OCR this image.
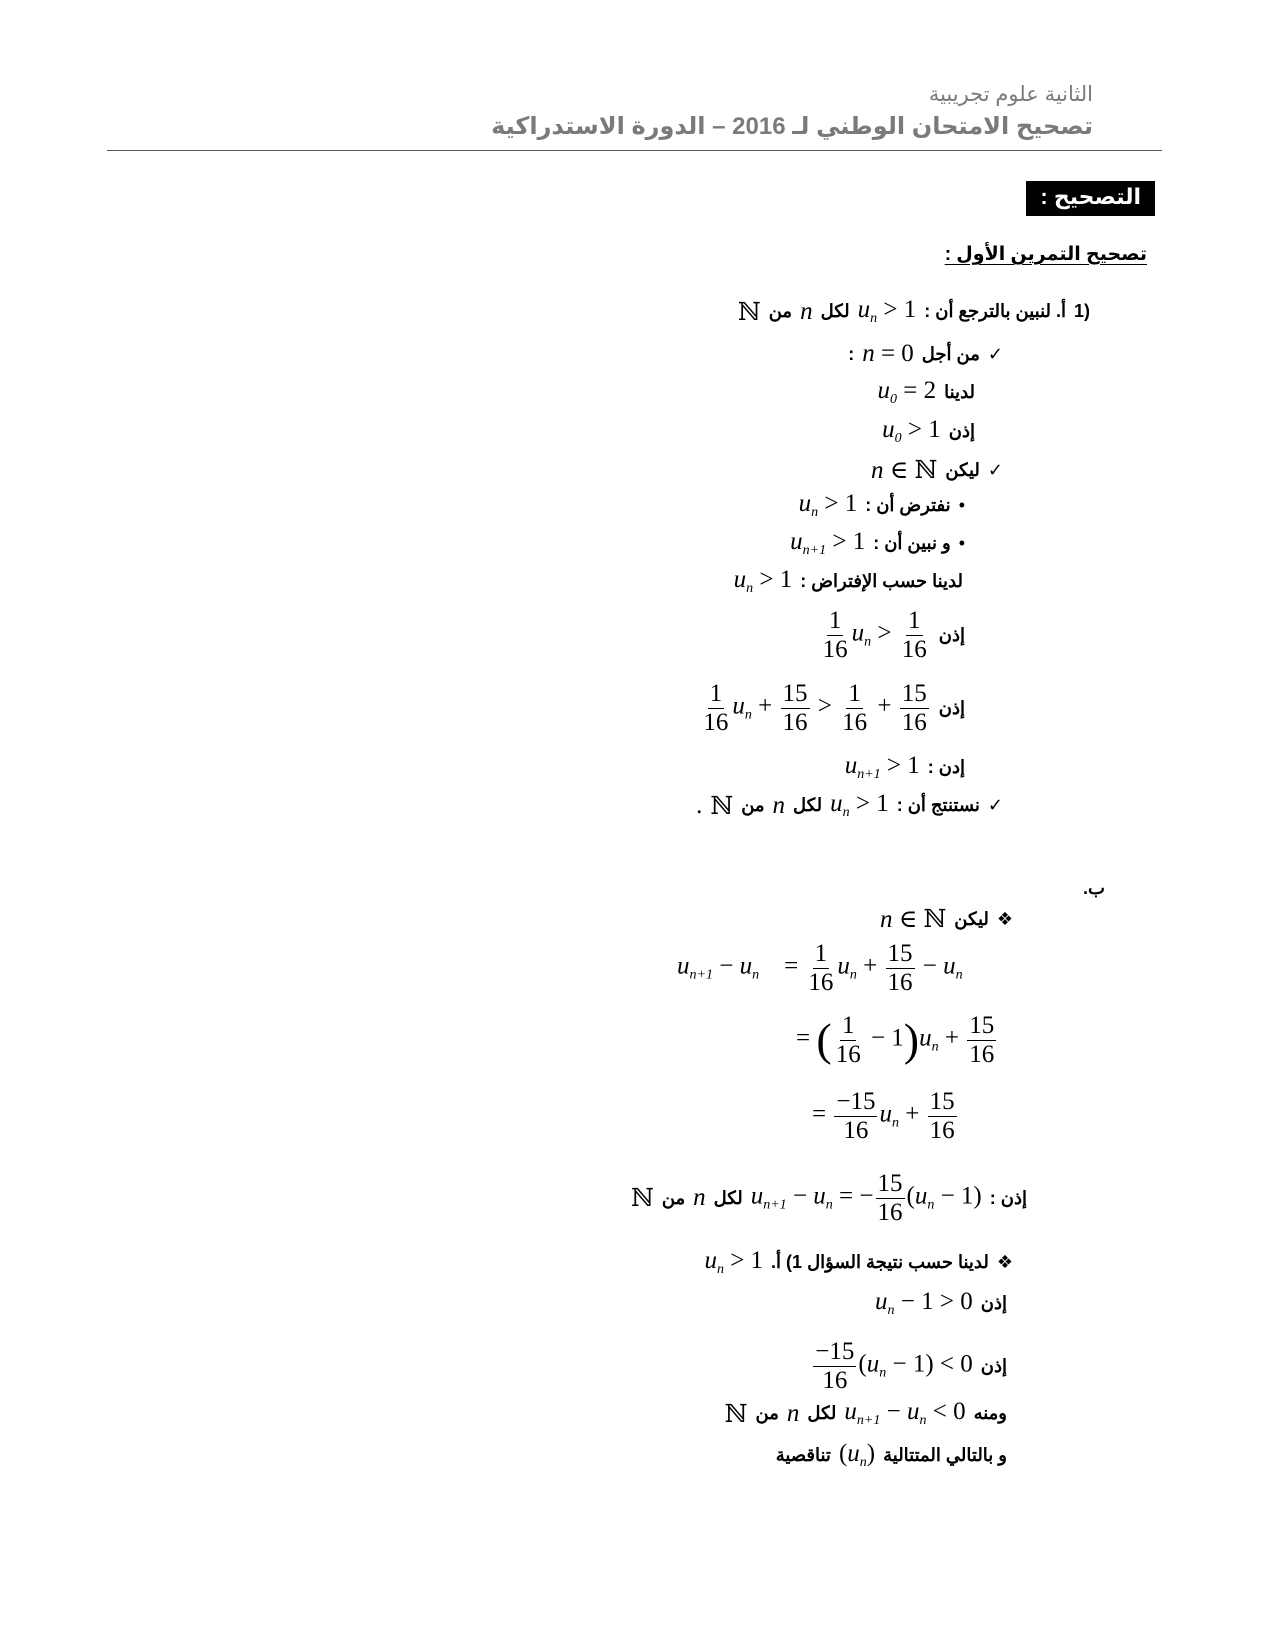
الثانية علوم تجريبية
تصحيح الامتحان الوطني لـ 2016 – الدورة الاستدراكية
التصحيح :
تصحيح التمرين الأول :
1)
أ. لنبين بالترجع أن :
$u_n > 1$
لكل
n
من
ℕ
✓
من أجل
n = 0
:
لدينا
$u_0 = 2$
إذن
$u_0 > 1$
✓
ليكن
n ∈ ℕ
•
نفترض أن :
$u_n > 1$
•
و نبين أن :
$u_{n+1} > 1$
لدينا حسب الإفتراض :
$u_n > 1$
إذن
$\frac{1}{16} u_n > \frac{1}{16}$
إذن
$\frac{1}{16} u_n + \frac{15}{16} > \frac{1}{16} + \frac{15}{16}$
إدن :
$u_{n+1} > 1$
✓
نستنتج أن :
$u_n > 1$
لكل
n
من
ℕ
.
ب.
❖
ليكن
n ∈ ℕ
$u_{n+1} - u_n$    = $\frac{1}{16} u_n + \frac{15}{16} - u_n$
= ( $\frac{1}{16} - 1)u_n + \frac{15}{16}$
= $\frac{-15}{16} u_n + \frac{15}{16}$
إذن :
$u_{n+1} - u_n$ = − $\frac{15}{16} (u_n - 1)$
لكل
n
من
ℕ
❖
لدينا حسب نتيجة السؤال 1) أ.
$u_n > 1$
إذن
$u_n - 1 > 0$
إذن
$\frac{-15}{16} (u_n - 1) < 0$
ومنه
$u_{n+1} - u_n < 0$
لكل
n
من
ℕ
و بالتالي المتتالية
$(u_n)$
تناقصية
